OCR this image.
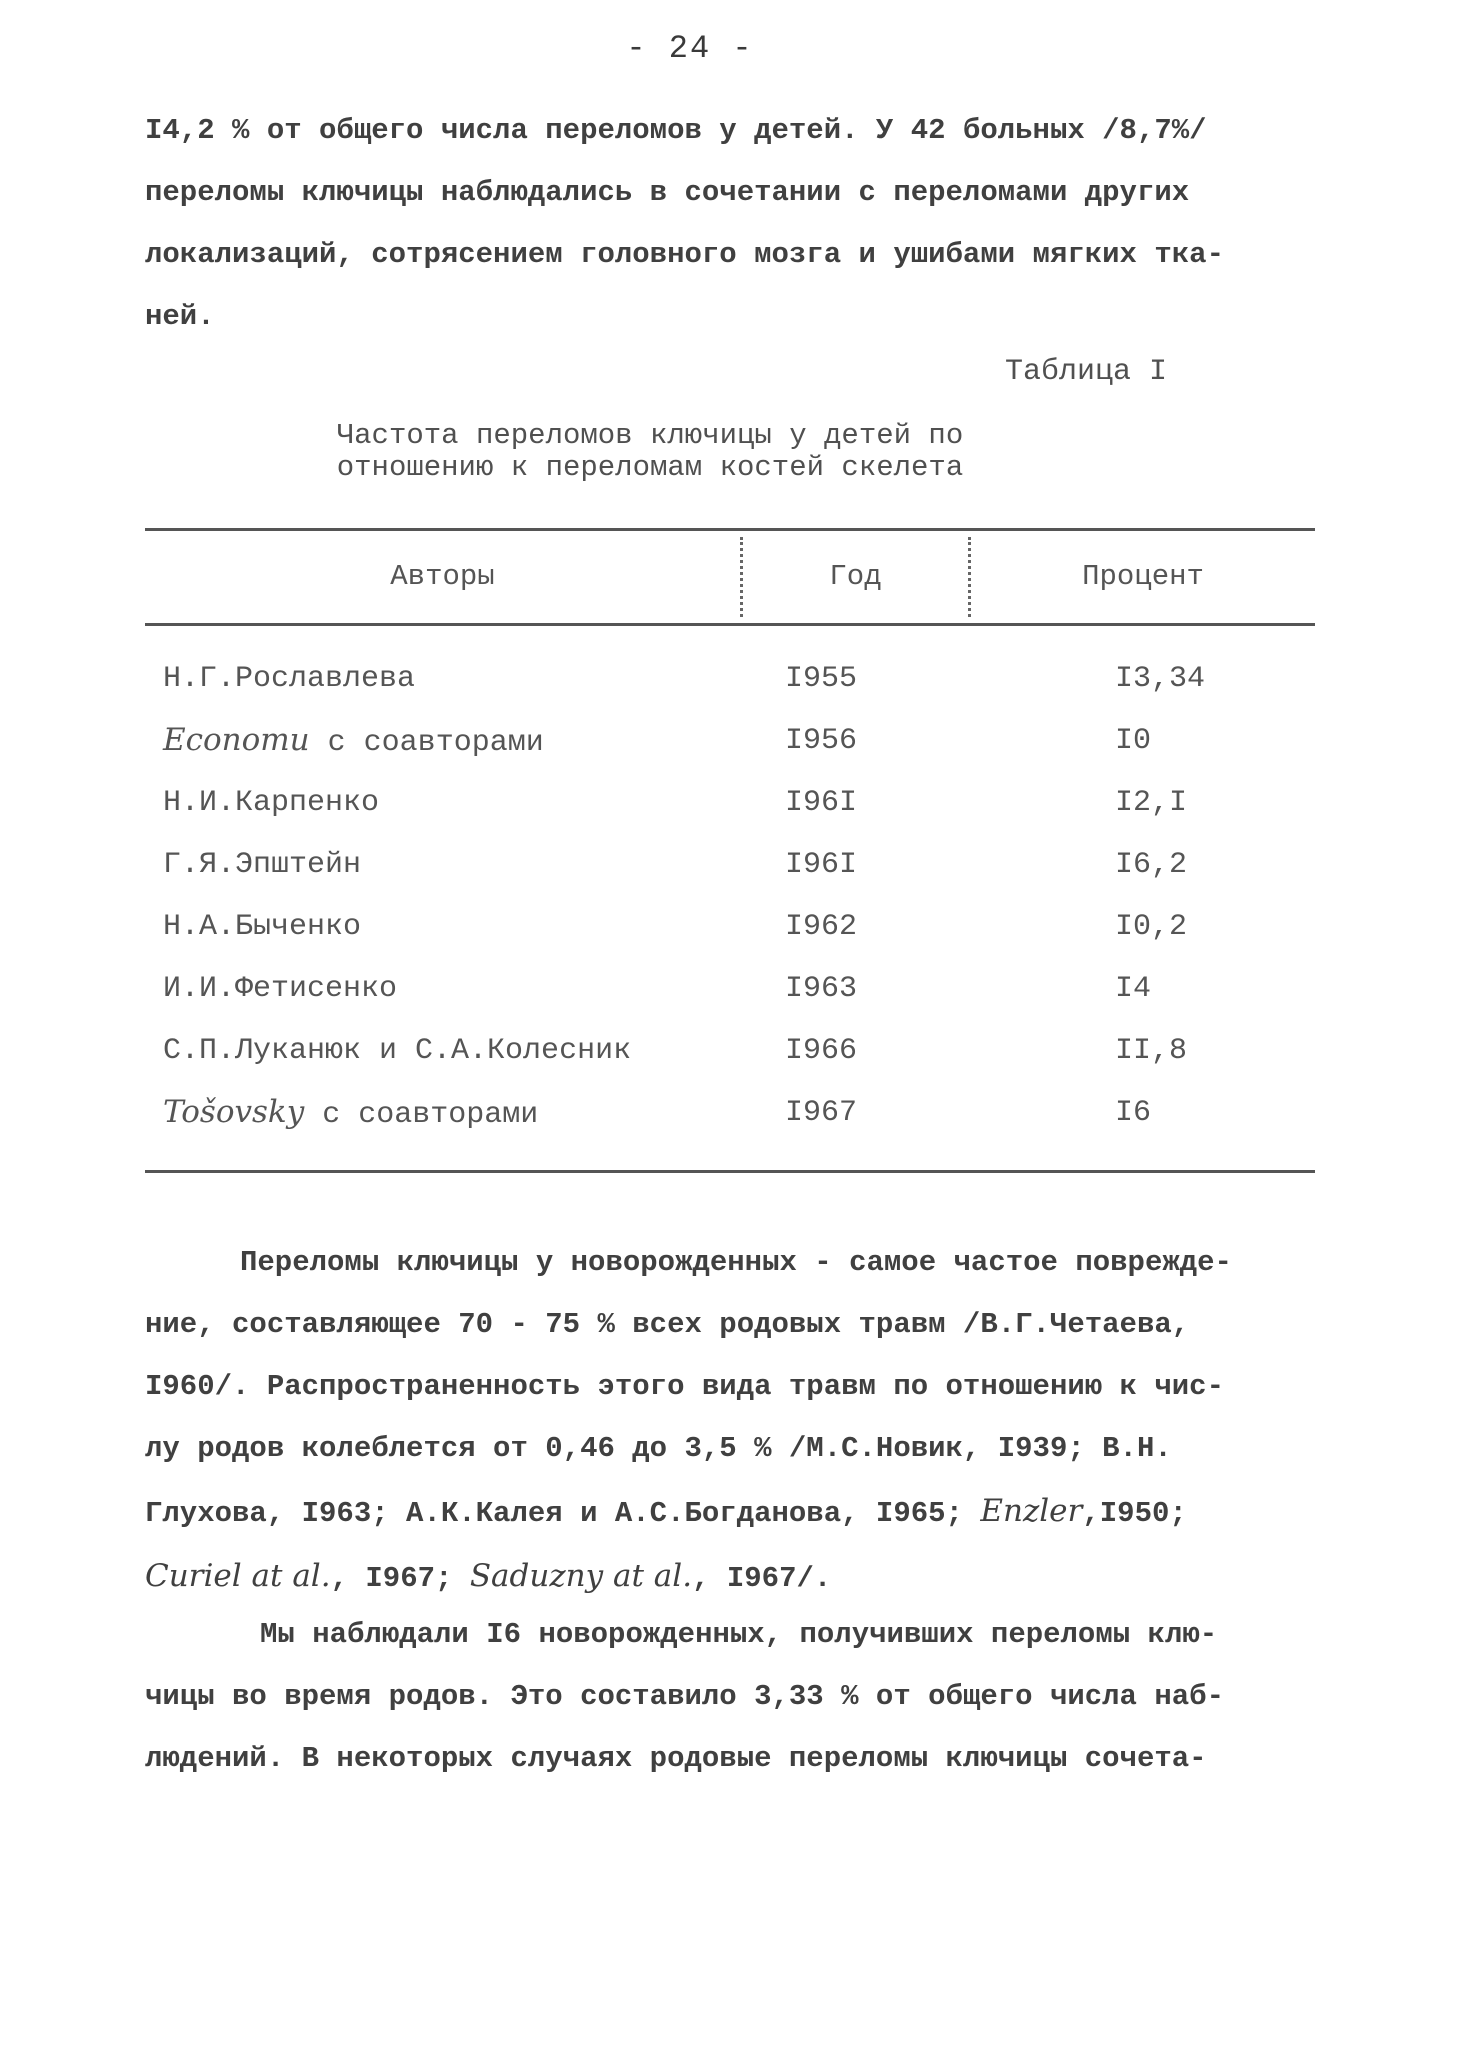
- 24 -
I4,2 % от общего числа переломов у детей. У 42 больных /8,7%/
переломы ключицы наблюдались в сочетании с переломами других
локализаций, сотрясением головного мозга и ушибами мягких тка-
ней.
Таблица I
Частота переломов ключицы у детей по
отношению к переломам костей скелета
Авторы	Год	Процент
Н.Г.Рославлева	I955	I3,34
Economu с соавторами	I956	I0
Н.И.Карпенко	I96I	I2,I
Г.Я.Эпштейн	I96I	I6,2
Н.А.Быченко	I962	I0,2
И.И.Фетисенко	I963	I4
С.П.Луканюк и С.А.Колесник	I966	II,8
Tošovsky с соавторами	I967	I6
Переломы ключицы у новорожденных - самое частое поврежде-
ние, составляющее 70 - 75 % всех родовых травм /В.Г.Четаева,
I960/. Распространенность этого вида травм по отношению к чис-
лу родов колеблется от 0,46 до 3,5 % /М.С.Новик, I939; В.Н.
Глухова, I963; А.К.Калея и А.С.Богданова, I965; Enzler,I950;
Curiel at al., I967; Saduzny at al., I967/.
Мы наблюдали I6 новорожденных, получивших переломы клю-
чицы во время родов. Это составило 3,33 % от общего числа наб-
людений. В некоторых случаях родовые переломы ключицы сочета-
